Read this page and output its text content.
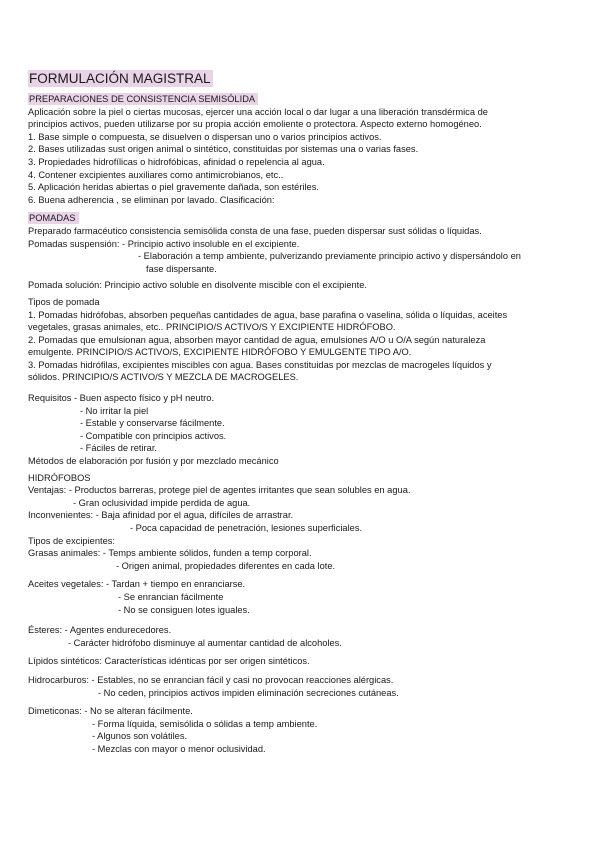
FORMULACIÓN MAGISTRAL
PREPARACIONES DE CONSISTENCIA SEMISÓLIDA
Aplicación sobre la piel o ciertas mucosas, ejercer una acción local o dar lugar a una liberación transdérmica de
principios activos, pueden utilizarse por su propia acción emoliente o protectora. Aspecto externo homogéneo.
1. Base simple o compuesta, se disuelven o dispersan uno o varios principios activos.
2. Bases utilizadas sust origen animal o sintético, constituidas por sistemas una o varias fases.
3. Propiedades hidrofílicas o hidrofóbicas, afinidad o repelencia al agua.
4. Contener excipientes auxiliares como antimicrobianos, etc..
5. Aplicación heridas abiertas o piel gravemente dañada, son estériles.
6. Buena adherencia , se eliminan por lavado. Clasificación:
POMADAS
Preparado farmacéutico consistencia semisólida consta de una fase, pueden dispersar sust sólidas o líquidas.
Pomadas suspensión: - Principio activo insoluble en el excipiente.
- Elaboración a temp ambiente, pulverizando previamente principio activo y dispersándolo en
fase dispersante.
Pomada solución: Principio activo soluble en disolvente miscible con el excipiente.
Tipos de pomada
1. Pomadas hidrófobas, absorben pequeñas cantidades de agua, base parafina o vaselina, sólida o líquidas, aceites
vegetales, grasas animales, etc.. PRINCIPIO/S ACTIVO/S Y EXCIPIENTE HIDRÓFOBO.
2. Pomadas que emulsionan agua, absorben mayor cantidad de agua, emulsiones A/O u O/A según naturaleza
emulgente. PRINCIPIO/S ACTIVO/S, EXCIPIENTE HIDRÓFOBO Y EMULGENTE TIPO A/O.
3. Pomadas hidrófilas, excipientes miscibles con agua. Bases constituidas por mezclas de macrogeles líquidos y
sólidos. PRINCIPIO/S ACTIVO/S Y MEZCLA DE MACROGELES.
Requisitos - Buen aspecto físico y pH neutro.
- No irritar la piel
- Estable y conservarse fácilmente.
- Compatible con principios activos.
- Fáciles de retirar.
Métodos de elaboración por fusión y por mezclado mecánico
HIDRÓFOBOS
Ventajas: - Productos barreras, protege piel de agentes irritantes que sean solubles en agua.
- Gran oclusividad impide perdida de agua.
Inconvenientes: - Baja afinidad por el agua, difíciles de arrastrar.
- Poca capacidad de penetración, lesiones superficiales.
Tipos de excipientes:
Grasas animales: - Temps ambiente sólidos, funden a temp corporal.
- Origen animal, propiedades diferentes en cada lote.
Aceites vegetales: - Tardan + tiempo en enranciarse.
- Se enrancian fácilmente
- No se consiguen lotes iguales.
Ésteres: - Agentes endurecedores.
- Carácter hidrófobo disminuye al aumentar cantidad de alcoholes.
Lípidos sintéticos: Características idénticas por ser origen sintéticos.
Hidrocarburos: - Estables, no se enrancian fácil y casi no provocan reacciones alérgicas.
- No ceden, principios activos impiden eliminación secreciones cutáneas.
Dimeticonas: - No se alteran fácilmente.
- Forma líquida, semisólida o sólidas a temp ambiente.
- Algunos son volátiles.
- Mezclas con mayor o menor oclusividad.
